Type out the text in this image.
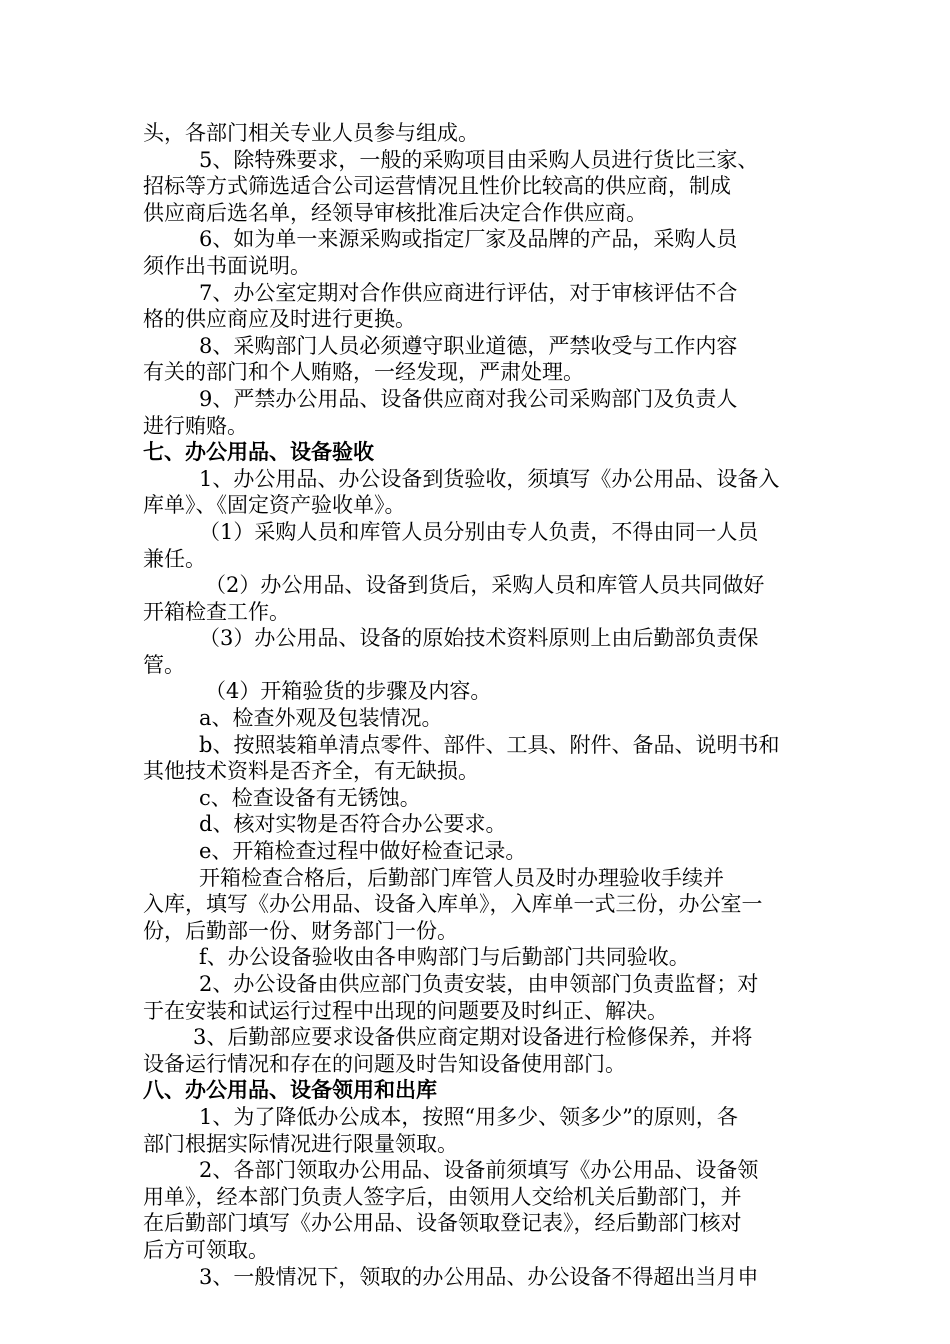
头，各部门相关专业人员参与组成。
5、除特殊要求，一般的采购项目由采购人员进行货比三家、
招标等方式筛选适合公司运营情况且性价比较高的供应商，制成
供应商后选名单，经领导审核批准后决定合作供应商。
6、如为单一来源采购或指定厂家及品牌的产品，采购人员
须作出书面说明。
7、办公室定期对合作供应商进行评估，对于审核评估不合
格的供应商应及时进行更换。
8、采购部门人员必须遵守职业道德，严禁收受与工作内容
有关的部门和个人贿赂，一经发现，严肃处理。
9、严禁办公用品、设备供应商对我公司采购部门及负责人
进行贿赂。
七、办公用品、设备验收
1、办公用品、办公设备到货验收，须填写《办公用品、设备入
库单》、《固定资产验收单》。
（1）采购人员和库管人员分别由专人负责，不得由同一人员
兼任。
（2）办公用品、设备到货后，采购人员和库管人员共同做好
开箱检查工作。
（3）办公用品、设备的原始技术资料原则上由后勤部负责保
管。
（4）开箱验货的步骤及内容。
a、检查外观及包装情况。
b、按照装箱单清点零件、部件、工具、附件、备品、说明书和
其他技术资料是否齐全，有无缺损。
c、检查设备有无锈蚀。
d、核对实物是否符合办公要求。
e、开箱检查过程中做好检查记录。
开箱检查合格后，后勤部门库管人员及时办理验收手续并
入库，填写《办公用品、设备入库单》，入库单一式三份，办公室一
份，后勤部一份、财务部门一份。
f、办公设备验收由各申购部门与后勤部门共同验收。
2、办公设备由供应部门负责安装，由申领部门负责监督；对
于在安装和试运行过程中出现的问题要及时纠正、解决。
3、后勤部应要求设备供应商定期对设备进行检修保养，并将
设备运行情况和存在的问题及时告知设备使用部门。
八、办公用品、设备领用和出库
1、为了降低办公成本，按照“用多少、领多少”的原则，各
部门根据实际情况进行限量领取。
2、各部门领取办公用品、设备前须填写《办公用品、设备领
用单》，经本部门负责人签字后，由领用人交给机关后勤部门，并
在后勤部门填写《办公用品、设备领取登记表》，经后勤部门核对
后方可领取。
3、一般情况下，领取的办公用品、办公设备不得超出当月申
